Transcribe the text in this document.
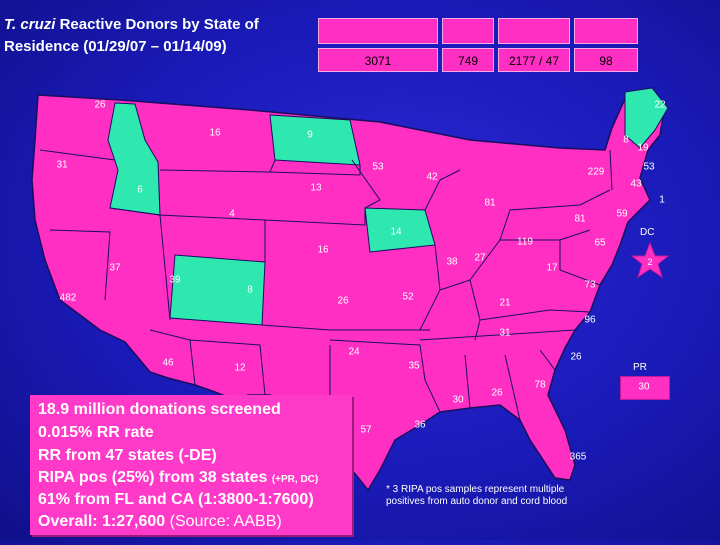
26	22
16	9	8
19
31	53	53
42	229
6	13	43
1
81
4	81	59
14
16
119	65
38 27
37	17
39
8	73
482	26	52
21
96
31
24
46	12	35
26
78
30
26
57	36
365
T. cruzi Reactive Donors by State of Residence (01/29/07 – 01/14/09)
3071	749	2177 / 47	98
DC
2
PR
30
18.9 million donations screened
0.015% RR rate
RR from 47 states (-DE)
RIPA pos (25%) from 38 states (+PR, DC)
61% from FL and CA (1:3800-1:7600)
Overall: 1:27,600 (Source: AABB)
* 3 RIPA pos samples represent multiple positives from auto donor and cord blood
